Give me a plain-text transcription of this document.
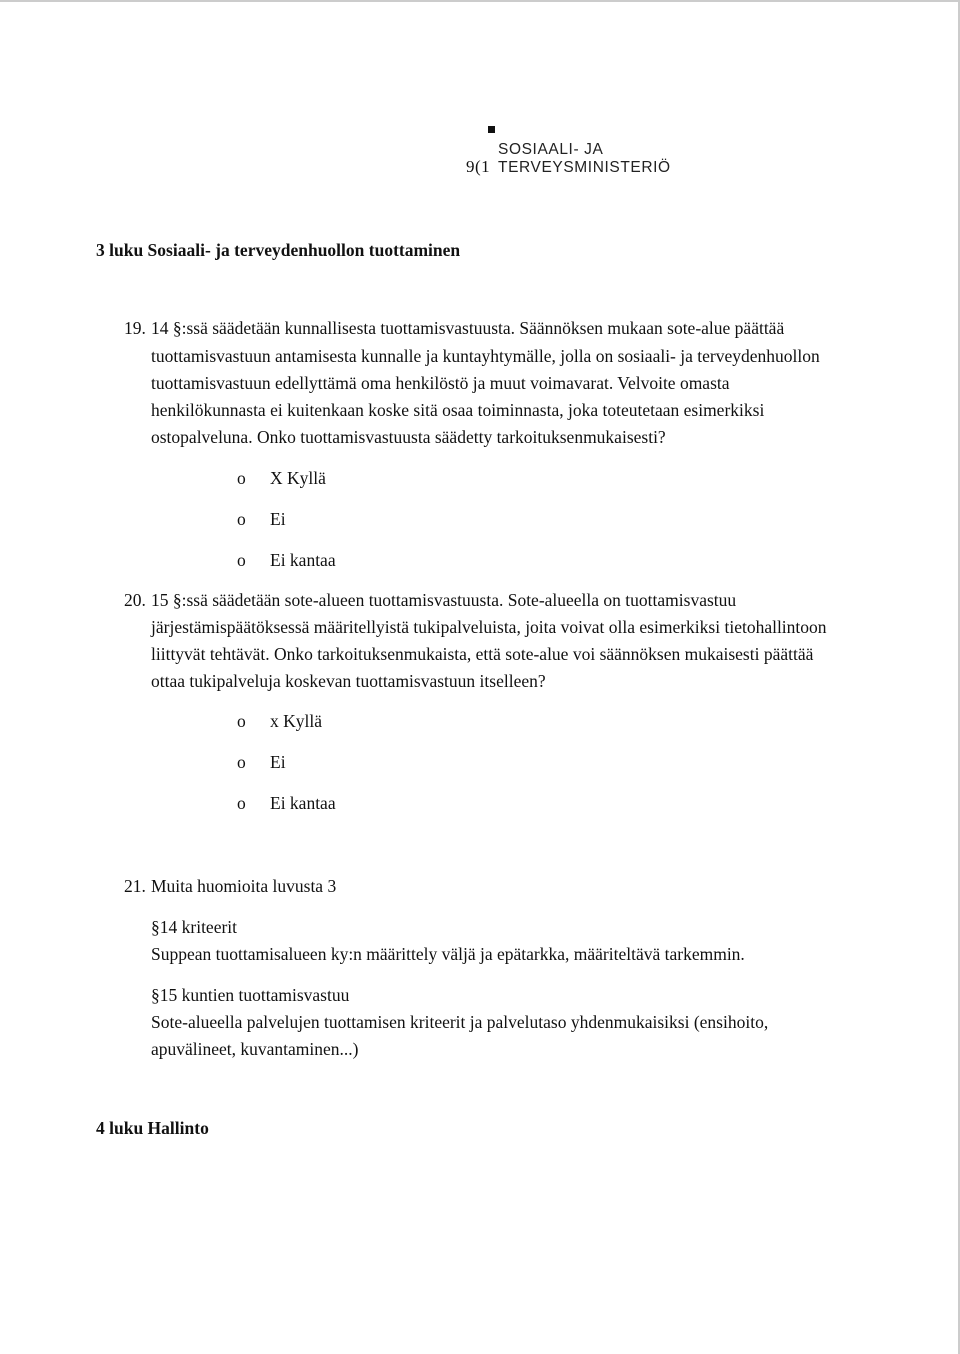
9(1
SOSIAALI- JA
TERVEYSMINISTERIÖ
3 luku Sosiaali- ja terveydenhuollon tuottaminen
19. 14 §:ssä säädetään kunnallisesta tuottamisvastuusta. Säännöksen mukaan sote-alue päättää
tuottamisvastuun antamisesta kunnalle ja kuntayhtymälle, jolla on sosiaali- ja terveydenhuollon
tuottamisvastuun edellyttämä oma henkilöstö ja muut voimavarat. Velvoite omasta
henkilökunnasta ei kuitenkaan koske sitä osaa toiminnasta, joka toteutetaan esimerkiksi
ostopalveluna. Onko tuottamisvastuusta säädetty tarkoituksenmukaisesti?
o X Kyllä
o Ei
o Ei kantaa
20. 15 §:ssä säädetään sote-alueen tuottamisvastuusta. Sote-alueella on tuottamisvastuu
järjestämispäätöksessä määritellyistä tukipalveluista, joita voivat olla esimerkiksi tietohallintoon
liittyvät tehtävät. Onko tarkoituksenmukaista, että sote-alue voi säännöksen mukaisesti päättää
ottaa tukipalveluja koskevan tuottamisvastuun itselleen?
o x Kyllä
o Ei
o Ei kantaa
21. Muita huomioita luvusta 3
§14 kriteerit
Suppean tuottamisalueen ky:n määrittely väljä ja epätarkka, määriteltävä tarkemmin.
§15 kuntien tuottamisvastuu
Sote-alueella palvelujen tuottamisen kriteerit ja palvelutaso yhdenmukaisiksi (ensihoito,
apuvälineet, kuvantaminen...)
4 luku Hallinto
